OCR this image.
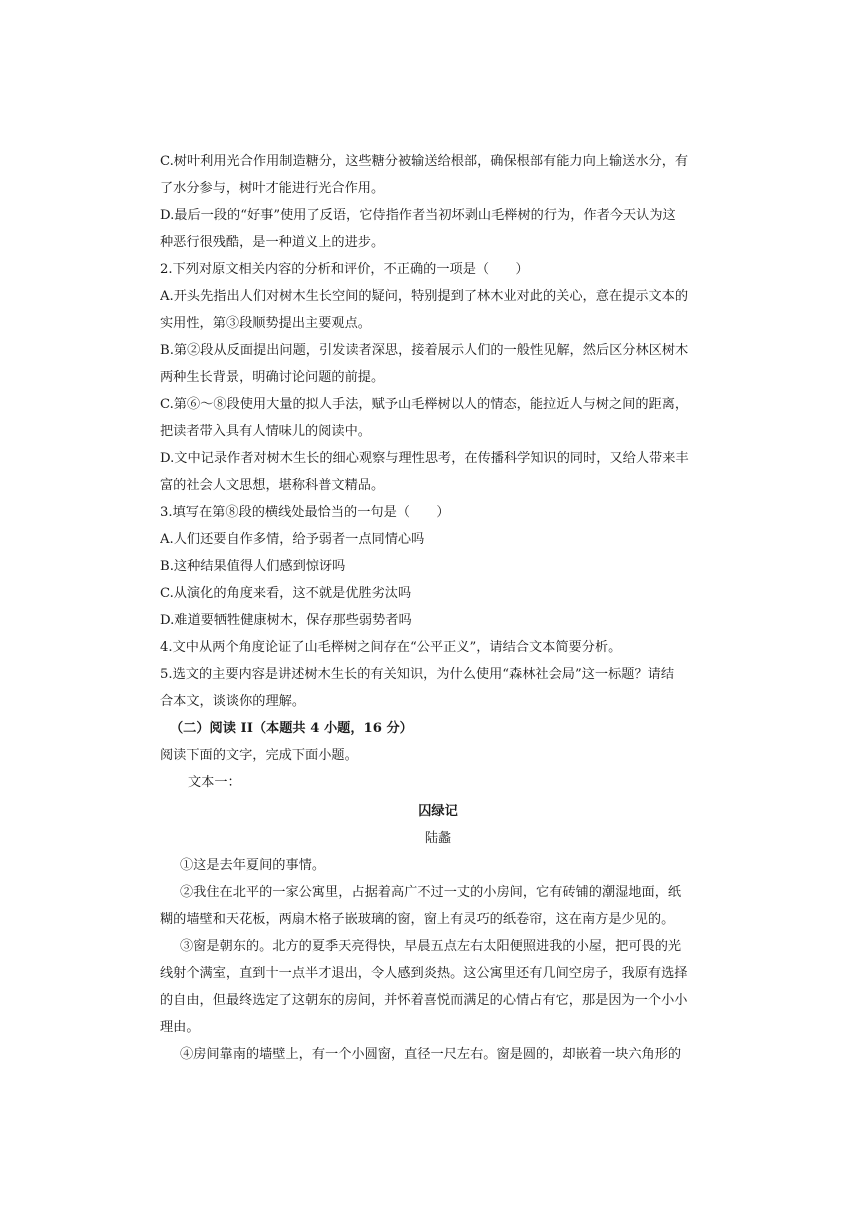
C.树叶利用光合作用制造糖分，这些糖分被输送给根部，确保根部有能力向上输送水分，有
了水分参与，树叶才能进行光合作用。
D.最后一段的“好事”使用了反语，它侍指作者当初坏剥山毛榉树的行为，作者今天认为这
种恶行很残酷，是一种道义上的进步。
2.下列对原文相关内容的分析和评价，不正确的一项是（　　）
A.开头先指出人们对树木生长空间的疑问，特别提到了林木业对此的关心，意在提示文本的
实用性，第③段顺势提出主要观点。
B.第②段从反面提出问题，引发读者深思，接着展示人们的一般性见解，然后区分林区树木
两种生长背景，明确讨论问题的前提。
C.第⑥～⑧段使用大量的拟人手法，赋予山毛榉树以人的情态，能拉近人与树之间的距离，
把读者带入具有人情味儿的阅读中。
D.文中记录作者对树木生长的细心观察与理性思考，在传播科学知识的同时，又给人带来丰
富的社会人文思想，堪称科普文精品。
3.填写在第⑧段的横线处最恰当的一句是（　　）
A.人们还要自作多情，给予弱者一点同情心吗
B.这种结果值得人们感到惊讶吗
C.从演化的角度来看，这不就是优胜劣汰吗
D.难道要牺牲健康树木，保存那些弱势者吗
4.文中从两个角度论证了山毛榉树之间存在“公平正义”，请结合文本简要分析。
5.选文的主要内容是讲述树木生长的有关知识，为什么使用“森林社会局”这一标题？请结
合本文，谈谈你的理解。
（二）阅读 II（本题共 4 小题，16 分）
阅读下面的文字，完成下面小题。
文本一：
囚绿记
陆蠡
①这是去年夏间的事情。
②我住在北平的一家公寓里，占据着高广不过一丈的小房间，它有砖铺的潮湿地面，纸
糊的墙壁和天花板，两扇木格子嵌玻璃的窗，窗上有灵巧的纸卷帘，这在南方是少见的。
③窗是朝东的。北方的夏季天亮得快，早晨五点左右太阳便照进我的小屋，把可畏的光
线射个满室，直到十一点半才退出，令人感到炎热。这公寓里还有几间空房子，我原有选择
的自由，但最终选定了这朝东的房间，并怀着喜悦而满足的心情占有它，那是因为一个小小
理由。
④房间靠南的墙壁上，有一个小圆窗，直径一尺左右。窗是圆的，却嵌着一块六角形的
